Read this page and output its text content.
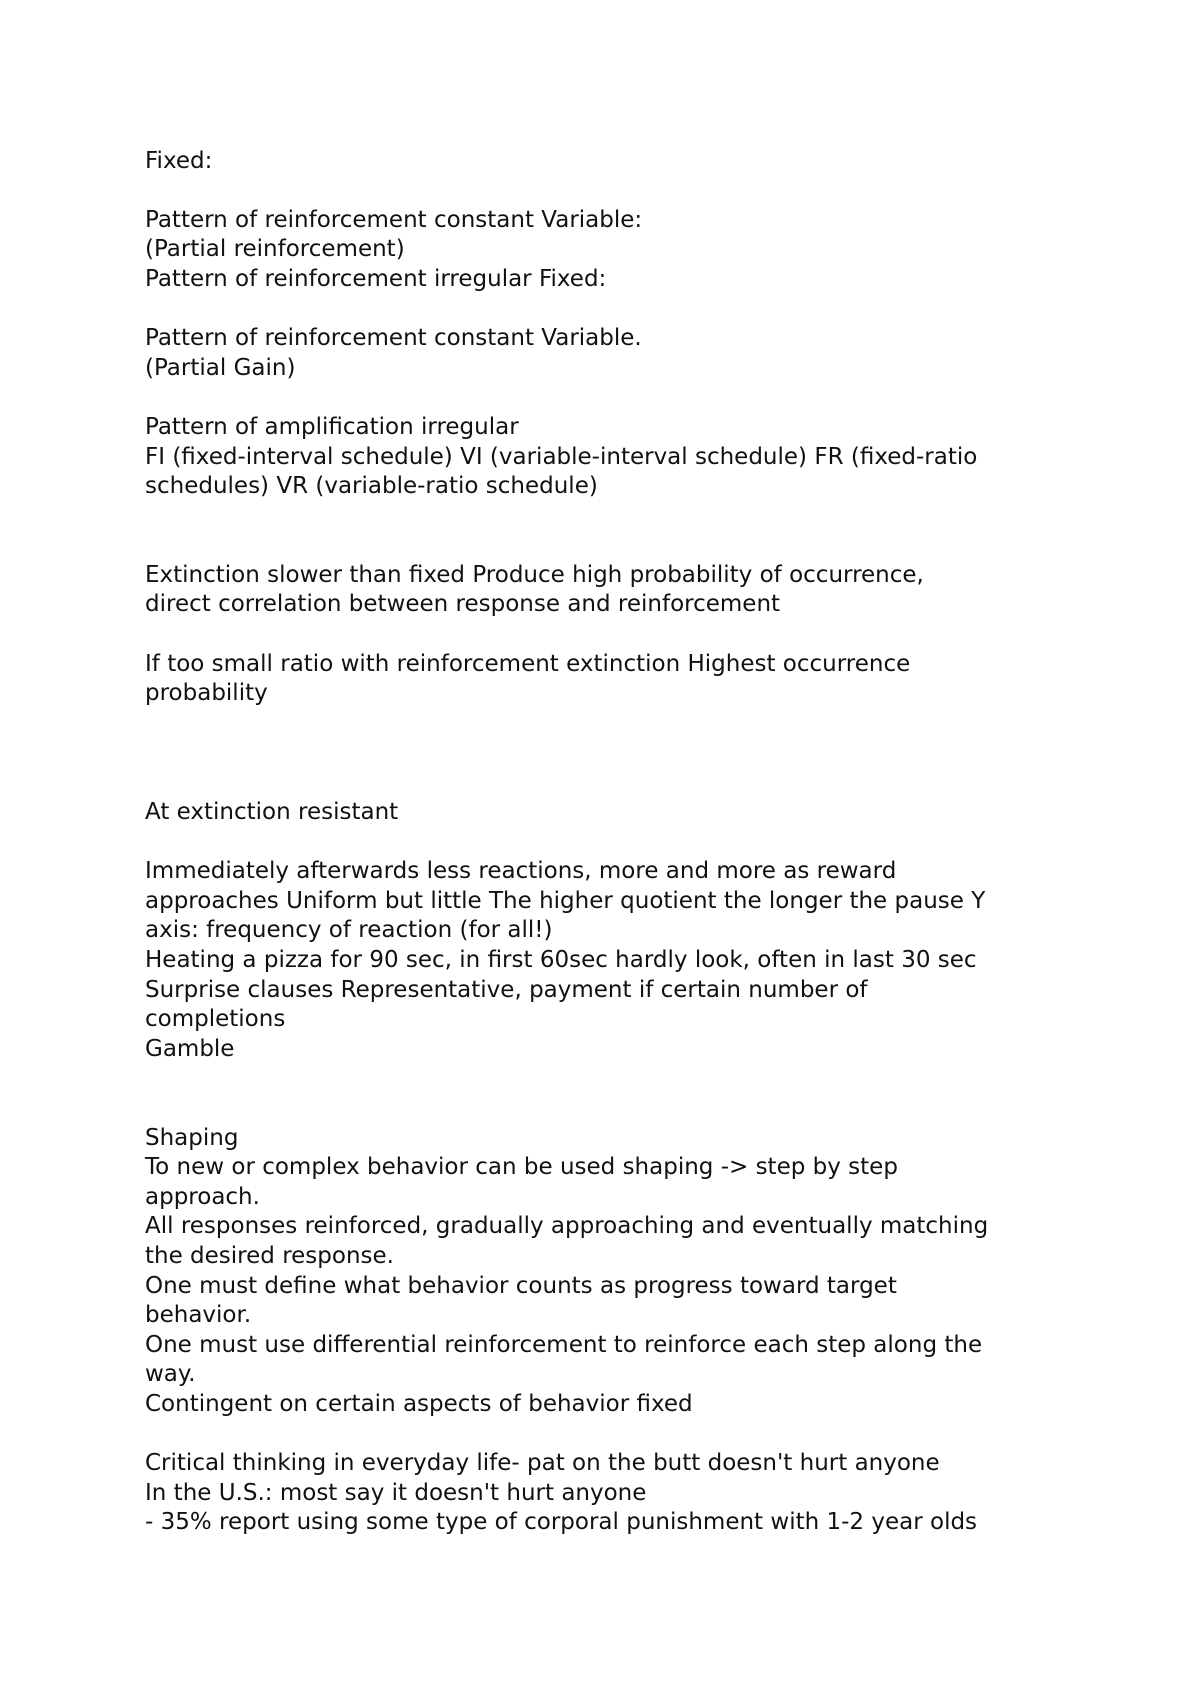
Fixed:
Pattern of reinforcement constant Variable:
(Partial reinforcement)
Pattern of reinforcement irregular Fixed:
Pattern of reinforcement constant Variable.
(Partial Gain)
Pattern of amplification irregular
FI (fixed-interval schedule) VI (variable-interval schedule) FR (fixed-ratio
schedules) VR (variable-ratio schedule)
Extinction slower than fixed Produce high probability of occurrence,
direct correlation between response and reinforcement
If too small ratio with reinforcement extinction Highest occurrence
probability
At extinction resistant
Immediately afterwards less reactions, more and more as reward
approaches Uniform but little The higher quotient the longer the pause Y
axis: frequency of reaction (for all!)
Heating a pizza for 90 sec, in first 60sec hardly look, often in last 30 sec
Surprise clauses Representative, payment if certain number of
completions
Gamble
Shaping
To new or complex behavior can be used shaping -> step by step
approach.
All responses reinforced, gradually approaching and eventually matching
the desired response.
One must define what behavior counts as progress toward target
behavior.
One must use differential reinforcement to reinforce each step along the
way.
Contingent on certain aspects of behavior fixed
Critical thinking in everyday life- pat on the butt doesn't hurt anyone
In the U.S.: most say it doesn't hurt anyone
- 35% report using some type of corporal punishment with 1-2 year olds
